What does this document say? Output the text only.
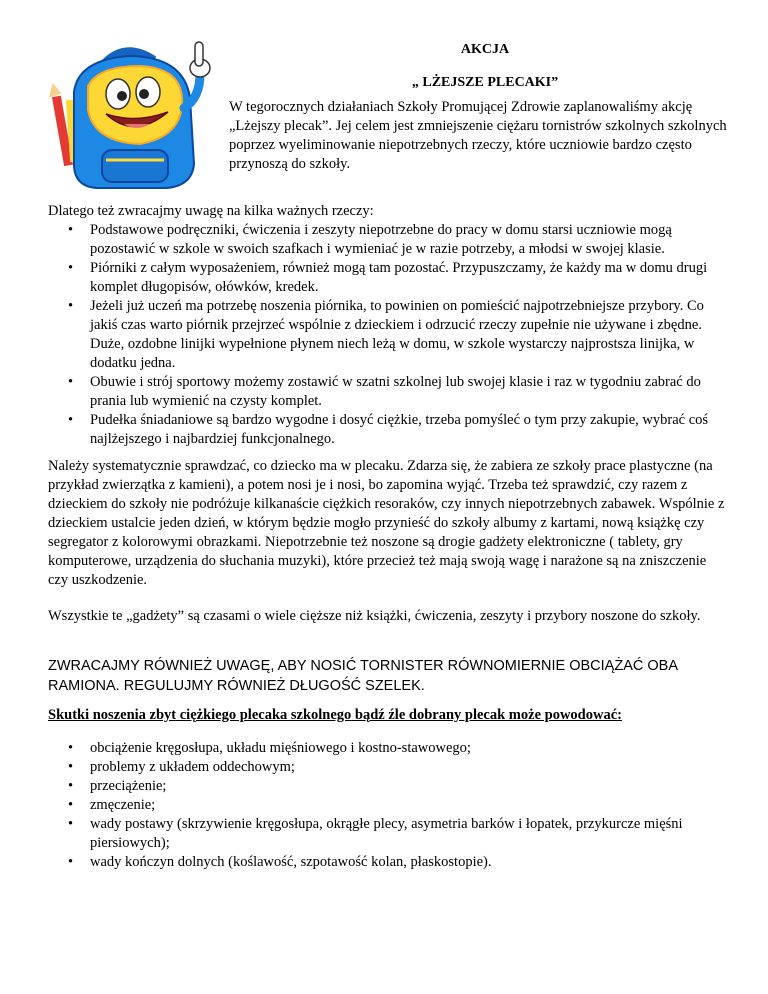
AKCJA
„ LŻEJSZE PLECAKI”
W tegorocznych działaniach Szkoły Promującej Zdrowie zaplanowaliśmy akcję „Lżejszy plecak”. Jej celem jest zmniejszenie ciężaru tornistrów szkolnych szkolnych poprzez wyeliminowanie niepotrzebnych rzeczy, które uczniowie bardzo często przynoszą do szkoły.

Dlatego też zwracajmy uwagę na kilka ważnych rzeczy:

• Podstawowe podręczniki, ćwiczenia i zeszyty niepotrzebne do pracy w domu starsi uczniowie mogą pozostawić w szkole w swoich szafkach i wymieniać je w razie potrzeby, a młodsi w swojej klasie.
• Piórniki z całym wyposażeniem, również mogą tam pozostać. Przypuszczamy, że każdy ma w domu drugi komplet długopisów, ołówków, kredek.
• Jeżeli już uczeń ma potrzebę noszenia piórnika, to powinien on pomieścić najpotrzebniejsze przybory. Co jakiś czas warto piórnik przejrzeć wspólnie z dzieckiem i odrzucić rzeczy zupełnie nie używane i zbędne. Duże, ozdobne linijki wypełnione płynem niech leżą w domu, w szkole wystarczy najprostsza linijka, w dodatku jedna.
• Obuwie i strój sportowy możemy zostawić w szatni szkolnej lub swojej klasie i raz w tygodniu zabrać do prania lub wymienić na czysty komplet.
• Pudełka śniadaniowe są bardzo wygodne i dosyć ciężkie, trzeba pomyśleć o tym przy zakupie, wybrać coś najlżejszego i najbardziej funkcjonalnego.

Należy systematycznie sprawdzać, co dziecko ma w plecaku. Zdarza się, że zabiera ze szkoły prace plastyczne (na przykład zwierzątka z kamieni), a potem nosi je i nosi, bo zapomina wyjąć. Trzeba też sprawdzić, czy razem z dzieckiem do szkoły nie podróżuje kilkanaście ciężkich resoraków, czy innych niepotrzebnych zabawek. Wspólnie z dzieckiem ustalcie jeden dzień, w którym będzie mogło przynieść do szkoły albumy z kartami, nową książkę czy segregator z kolorowymi obrazkami. Niepotrzebnie też noszone są drogie gadżety elektroniczne ( tablety, gry komputerowe, urządzenia do słuchania muzyki), które przecież też mają swoją wagę i narażone są na zniszczenie czy uszkodzenie.

Wszystkie te „gadżety” są czasami o wiele cięższe niż książki, ćwiczenia, zeszyty i przybory noszone do szkoły.

ZWRACAJMY RÓWNIEŻ UWAGĘ, ABY NOSIĆ TORNISTER RÓWNOMIERNIE OBCIĄŻAĆ OBA RAMIONA. REGULUJMY RÓWNIEŻ DŁUGOŚĆ SZELEK.

Skutki noszenia zbyt ciężkiego plecaka szkolnego bądź źle dobrany plecak może powodować:

• obciążenie kręgosłupa, układu mięśniowego i kostno-stawowego;
• problemy z układem oddechowym;
• przeciążenie;
• zmęczenie;
• wady postawy (skrzywienie kręgosłupa, okrągłe plecy, asymetria barków i łopatek, przykurcze mięśni piersiowych);
• wady kończyn dolnych (koślawość, szpotawość kolan, płaskostopie).
